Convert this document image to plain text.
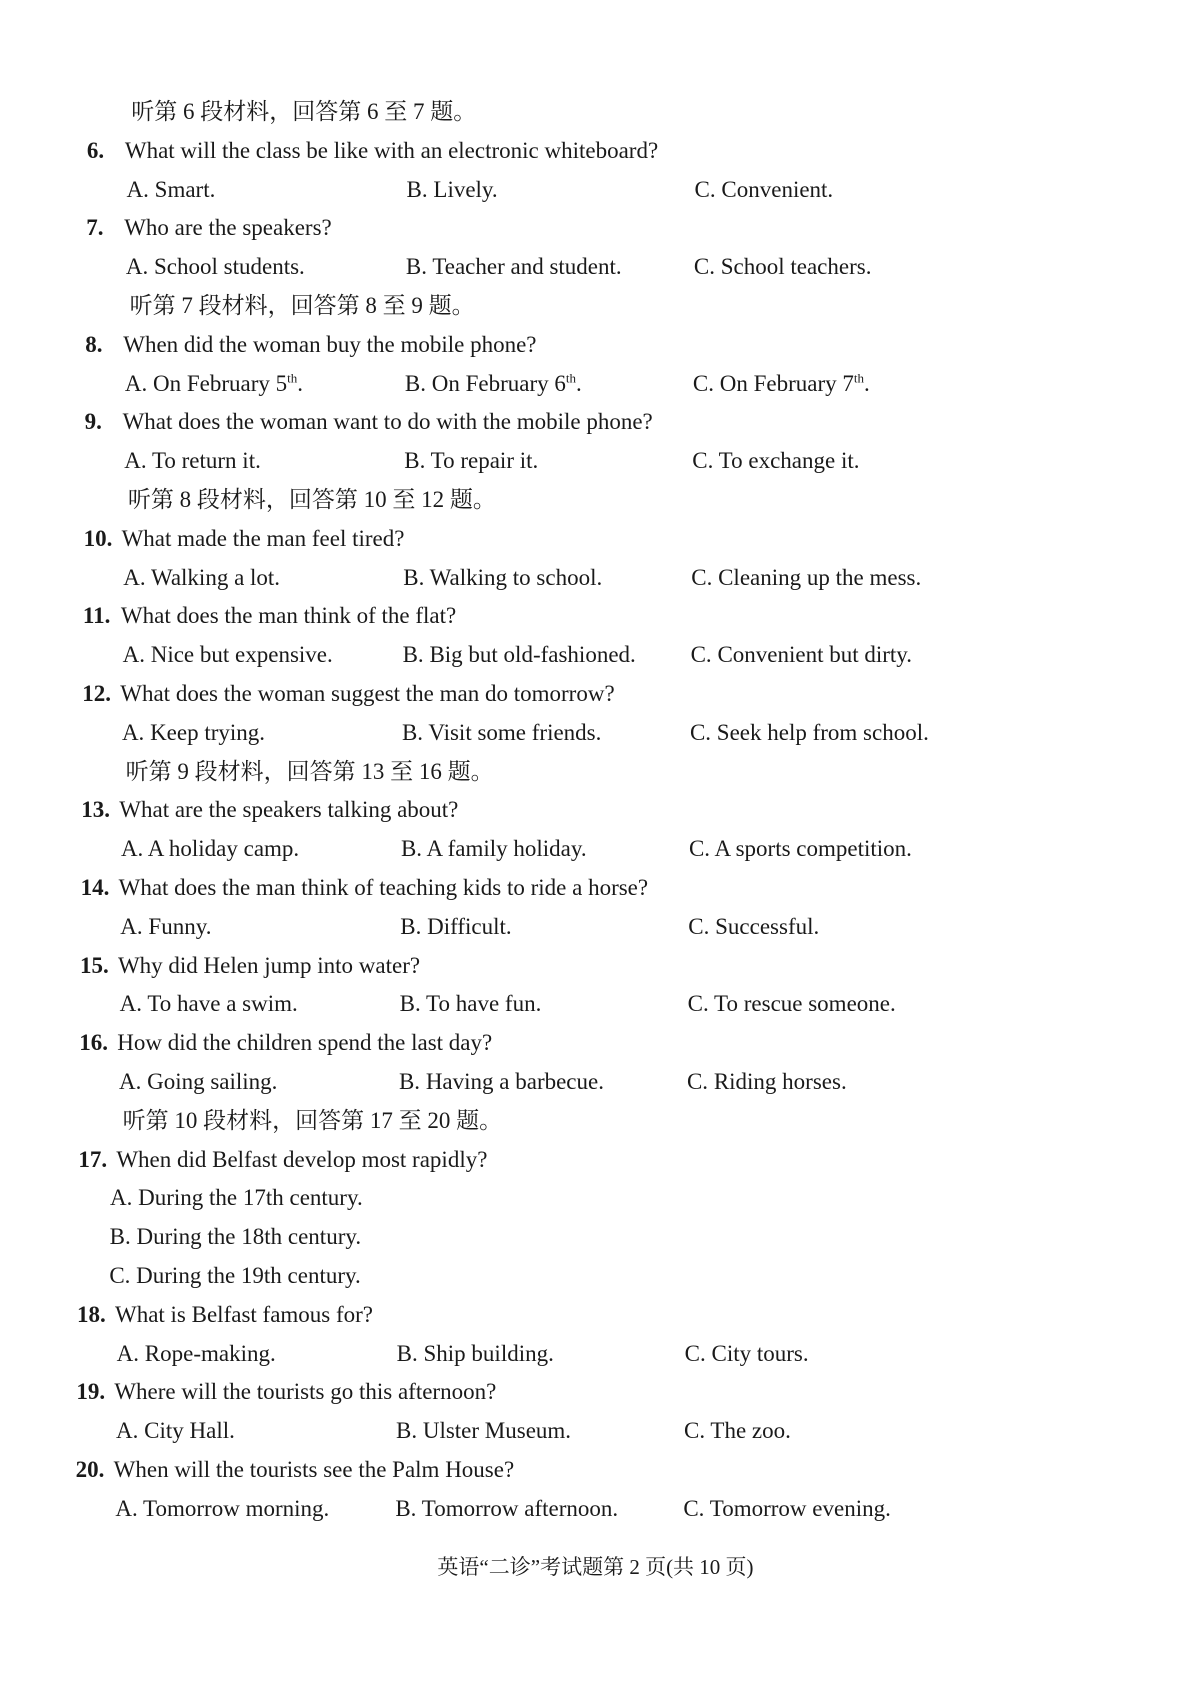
听第 6 段材料，回答第 6 至 7 题。
6. What will the class be like with an electronic whiteboard?
A. Smart.	B. Lively.	C. Convenient.
7. Who are the speakers?
A. School students.	B. Teacher and student.	C. School teachers.
听第 7 段材料，回答第 8 至 9 题。
8. When did the woman buy the mobile phone?
A. On February 5th.	B. On February 6th.	C. On February 7th.
9. What does the woman want to do with the mobile phone?
A. To return it.	B. To repair it.	C. To exchange it.
听第 8 段材料，回答第 10 至 12 题。
10. What made the man feel tired?
A. Walking a lot.	B. Walking to school.	C. Cleaning up the mess.
11. What does the man think of the flat?
A. Nice but expensive.	B. Big but old-fashioned. C. Convenient but dirty.
12. What does the woman suggest the man do tomorrow?
A. Keep trying.	B. Visit some friends.	C. Seek help from school.
听第 9 段材料，回答第 13 至 16 题。
13. What are the speakers talking about?
A. A holiday camp.	B. A family holiday.	C. A sports competition.
14. What does the man think of teaching kids to ride a horse?
A. Funny.	B. Difficult.	C. Successful.
15. Why did Helen jump into water?
A. To have a swim.	B. To have fun.	C. To rescue someone.
16. How did the children spend the last day?
A. Going sailing.	B. Having a barbecue.	C. Riding horses.
听第 10 段材料，回答第 17 至 20 题。
17. When did Belfast develop most rapidly?
A. During the 17th century.
B. During the 18th century.
C. During the 19th century.
18. What is Belfast famous for?
A. Rope-making.	B. Ship building.	C. City tours.
19. Where will the tourists go this afternoon?
A. City Hall.	B. Ulster Museum.	C. The zoo.
20. When will the tourists see the Palm House?
A. Tomorrow morning.	B. Tomorrow afternoon.	C. Tomorrow evening.
英语“二诊”考试题第 2 页(共 10 页)
